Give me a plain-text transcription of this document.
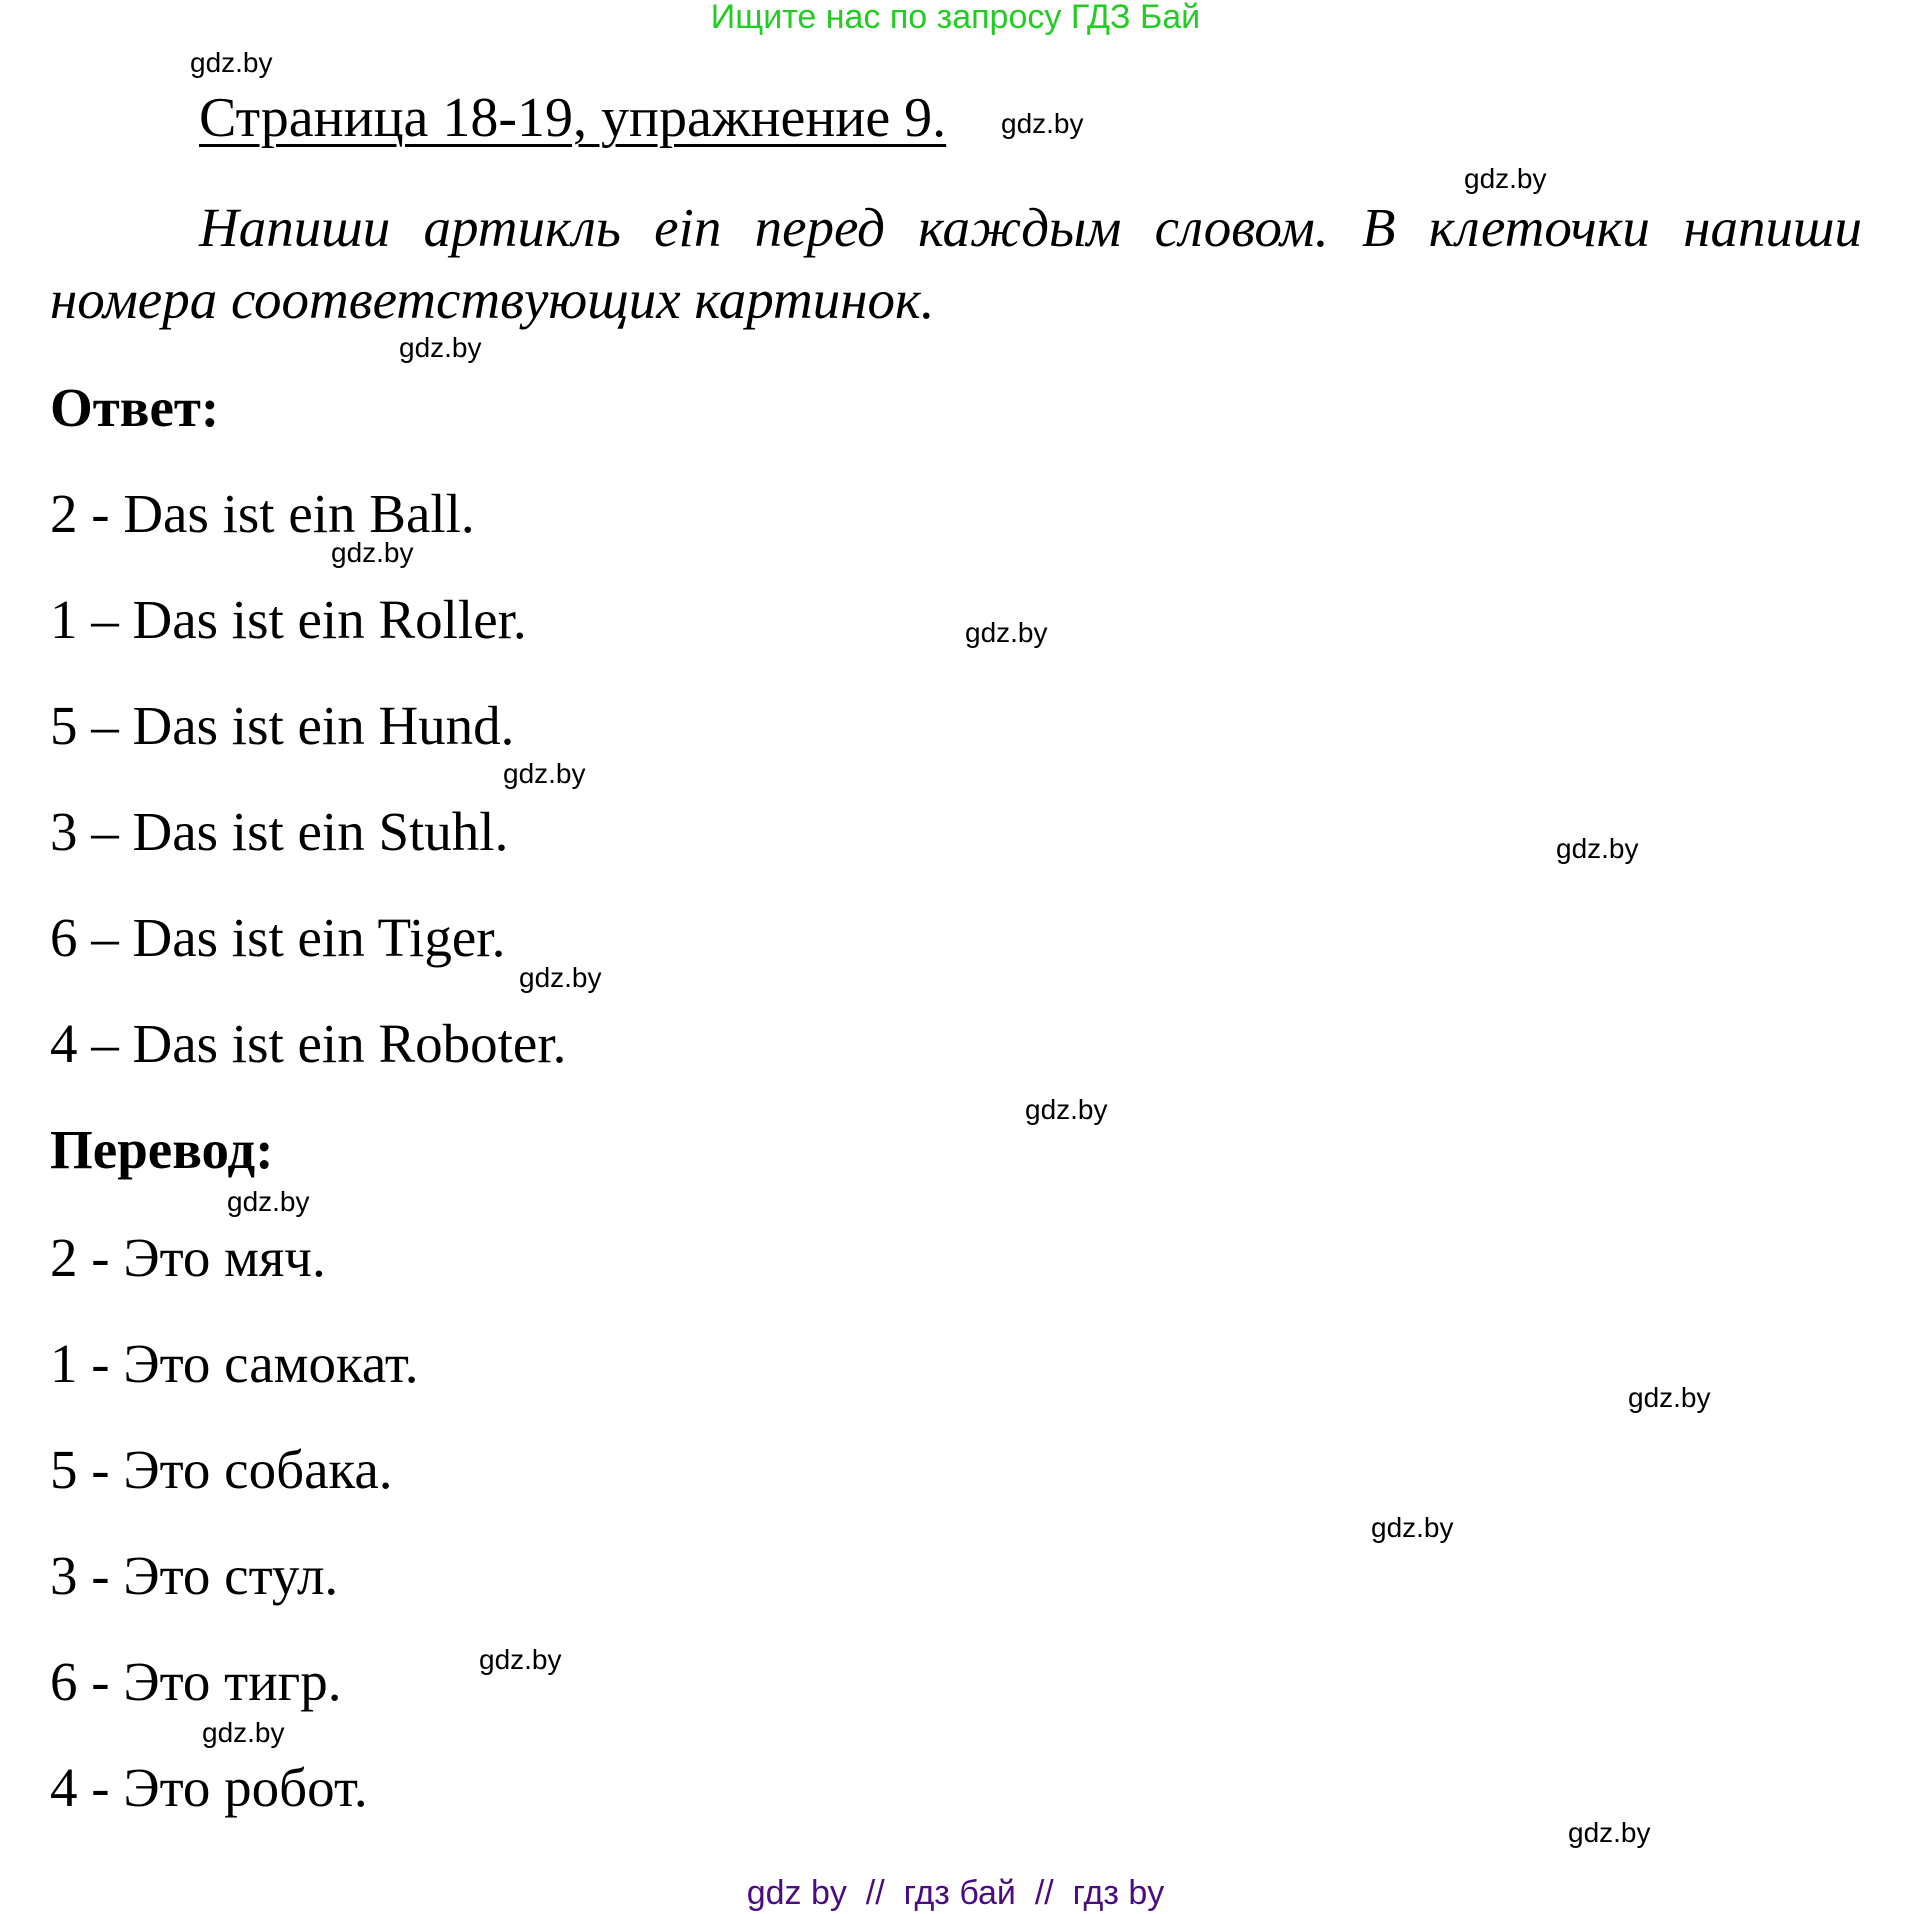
Ищите нас по запросу ГДЗ Бай
Страница 18-19, упражнение 9.
Напиши артикль ein перед каждым словом. В клеточки напиши номера соответствующих картинок.
Ответ:
2 - Das ist ein Ball.
1 – Das ist ein Roller.
5 – Das ist ein Hund.
3 – Das ist ein Stuhl.
6 – Das ist ein Tiger.
4 – Das ist ein Roboter.
Перевод:
2 - Это мяч.
1 - Это самокат.
5 - Это собака.
3 - Это стул.
6 - Это тигр.
4 - Это робот.
gdz.by
gdz.by
gdz.by
gdz.by
gdz.by
gdz.by
gdz.by
gdz.by
gdz.by
gdz.by
gdz.by
gdz.by
gdz.by
gdz.by
gdz.by
gdz.by
gdz by  //  гдз бай  //  гдз by
